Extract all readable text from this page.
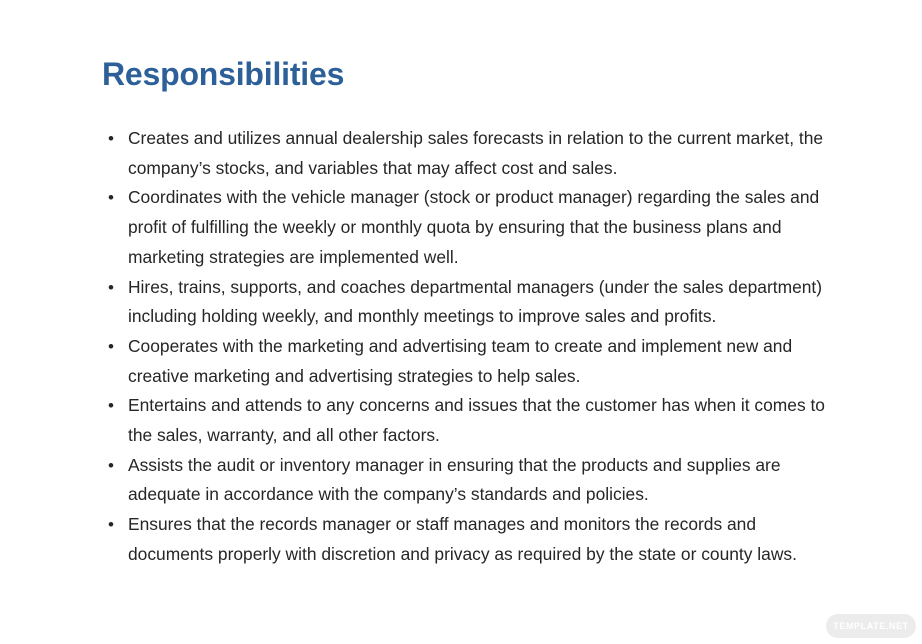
Responsibilities
• Creates and utilizes annual dealership sales forecasts in relation to the current market, the company’s stocks, and variables that may affect cost and sales.
• Coordinates with the vehicle manager (stock or product manager) regarding the sales and profit of fulfilling the weekly or monthly quota by ensuring that the business plans and marketing strategies are implemented well.
• Hires, trains, supports, and coaches departmental managers (under the sales department) including holding weekly, and monthly meetings to improve sales and profits.
• Cooperates with the marketing and advertising team to create and implement new and creative marketing and advertising strategies to help sales.
• Entertains and attends to any concerns and issues that the customer has when it comes to the sales, warranty, and all other factors.
• Assists the audit or inventory manager in ensuring that the products and supplies are adequate in accordance with the company’s standards and policies.
• Ensures that the records manager or staff manages and monitors the records and documents properly with discretion and privacy as required by the state or county laws.
TEMPLATE.NET
